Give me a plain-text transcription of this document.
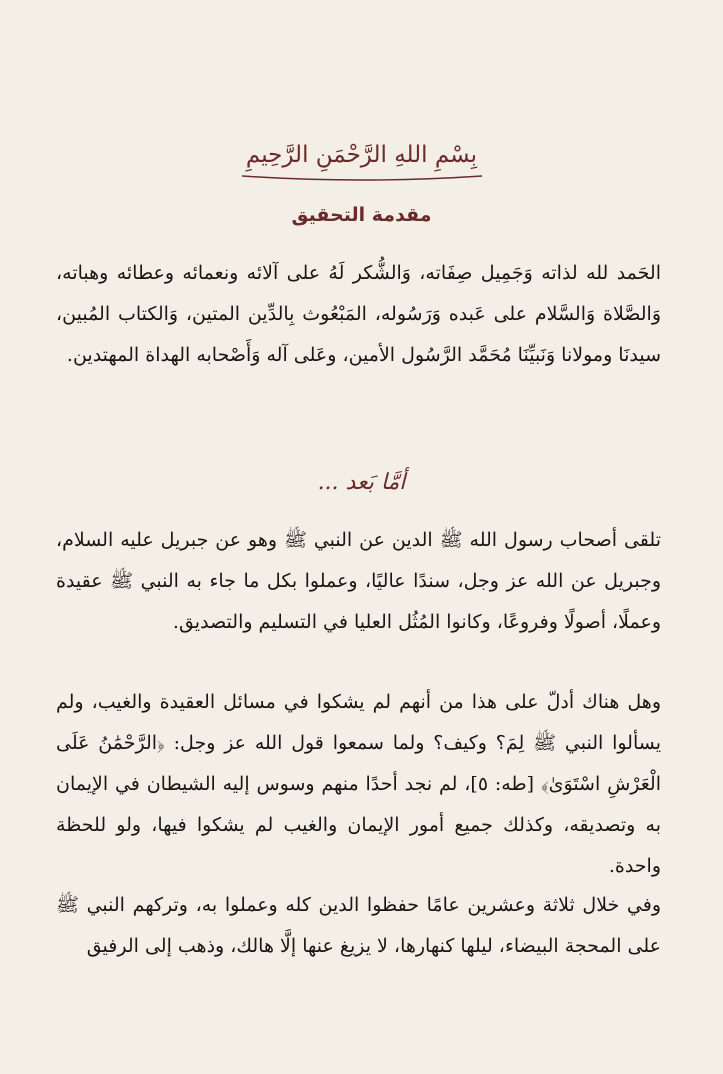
بِسْمِ اللهِ الرَّحْمَنِ الرَّحِيمِ
مقدمة التحقيق

الحَمد لله لذاته وَجَمِيل صِفَاته، وَالشُّكر لَهُ على آلائه ونعمائه وعطائه وهباته، وَالصَّلاة وَالسَّلام على عَبده وَرَسُوله، المَبْعُوث بِالدِّين المتين، وَالكتاب المُبين، سيدنَا ومولانا وَنَبيِّنَا مُحَمَّد الرَّسُول الأمين، وعَلى آله وَأَصْحابه الهداة المهتدين.

أمَّا بَعد ...

تلقى أصحاب رسول الله ﷺ الدين عن النبي ﷺ وهو عن جبريل عليه السلام، وجبريل عن الله عز وجل، سندًا عاليًا، وعملوا بكل ما جاء به النبي ﷺ عقيدة وعملًا، أصولًا وفروعًا، وكانوا المُثُل العليا في التسليم والتصديق.

وهل هناك أدلّ على هذا من أنهم لم يشكوا في مسائل العقيدة والغيب، ولم يسألوا النبي ﷺ لِمَ؟ وكيف؟ ولما سمعوا قول الله عز وجل: ﴿الرَّحْمَٰنُ عَلَى الْعَرْشِ اسْتَوَىٰ﴾ [طه: ٥]، لم نجد أحدًا منهم وسوس إليه الشيطان في الإيمان به وتصديقه، وكذلك جميع أمور الإيمان والغيب لم يشكوا فيها، ولو للحظة واحدة.

وفي خلال ثلاثة وعشرين عامًا حفظوا الدين كله وعملوا به، وتركهم النبي ﷺ على المحجة البيضاء، ليلها كنهارها، لا يزيغ عنها إلَّا هالك، وذهب إلى الرفيق
